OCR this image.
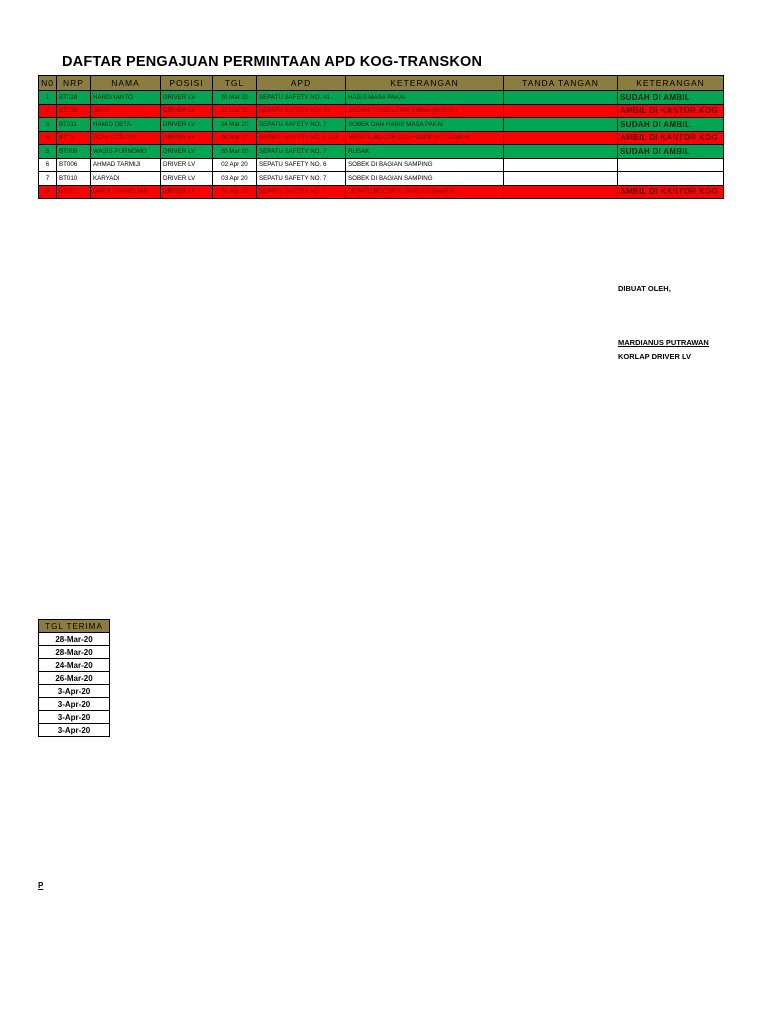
DAFTAR PENGAJUAN PERMINTAAN APD KOG-TRANSKON
N0	NRP	NAMA	POSISI	TGL	APD	KETERANGAN	TANDA TANGAN	KETERANGAN
1	BT018	HARDIYANTO	DRIVER LV	20 Mar 20	SEPATU SAFETY NO. 41	HABIS MASA PAKAI		SUDAH DI AMBIL
2	BT020	JEPRI	DRIVER LV	22 Mar 20	SEPATU SAFETY NO. 41	SUDAH TIDAK LAYAK PAKAI (SOBEK)		AMBIL DI KANTOR KOG
3	BT011	HAMID DETA	DRIVER LV	24 Mar 20	SEPATU SAFETY NO. 7	SOBEK DAN HABIS MASA PAKAI		SUDAH DI AMBIL
4	BT02	DONI CATUR S	DRIVER LV	26 Mar 20	SEPATU SAFETY NO. 6 & 9	SEPATU BOCOR DAN HABIS MASA PAKAI		AMBIL DI KANTOR KOG
5	BT009	WASIS PURNOMO	DRIVER LV	30 Mar 20	SEPATU SAFETY NO. 7	RUSAK		SUDAH DI AMBIL
6	BT006	AHMAD TARMIJI	DRIVER LV	02 Apr 20	SEPATU SAFETY NO. 6	SOBEK DI BAGIAN SAMPING		
7	BT010	KARYADI	DRIVER LV	03 Apr 20	SEPATU SAFETY NO. 7	SOBEK DI BAGIAN SAMPING		
8	BT007	DAFIT PRANGGAN	DRIVER LV	03 Apr 20	SEPATU SAFETY NO. 7	SEPATU BOCOR DI BAGIAN BAWAH		AMBIL DI KANTOR KOG
DIBUAT OLEH,
MARDIANUS PUTRAWAN
KORLAP DRIVER LV
TGL TERIMA
28-Mar-20
28-Mar-20
24-Mar-20
26-Mar-20
3-Apr-20
3-Apr-20
3-Apr-20
3-Apr-20
P
